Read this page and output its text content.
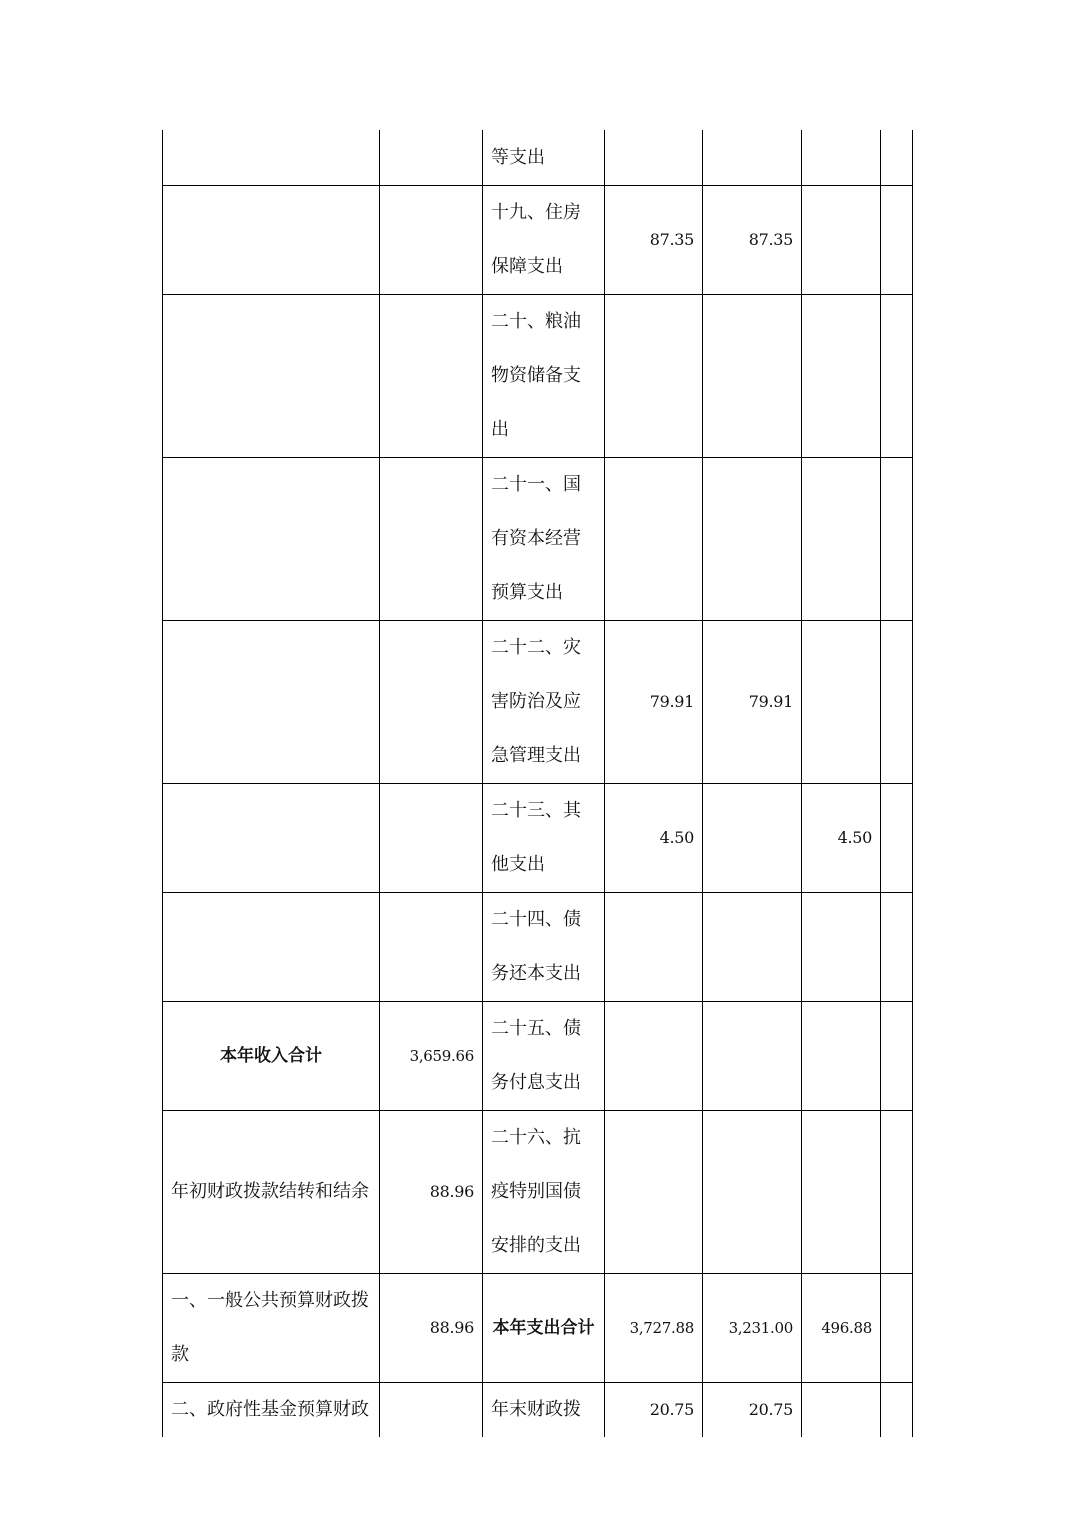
		等支出				
		十九、住房保障支出	87.35	87.35		
		二十、粮油物资储备支出				
		二十一、国有资本经营预算支出				
		二十二、灾害防治及应急管理支出	79.91	79.91		
		二十三、其他支出	4.50		4.50	
		二十四、债务还本支出				
本年收入合计	3,659.66	二十五、债务付息支出				
年初财政拨款结转和结余	88.96	二十六、抗疫特别国债安排的支出				
一、一般公共预算财政拨款	88.96	本年支出合计	3,727.88	3,231.00	496.88	
二、政府性基金预算财政		年末财政拨	20.75	20.75		
